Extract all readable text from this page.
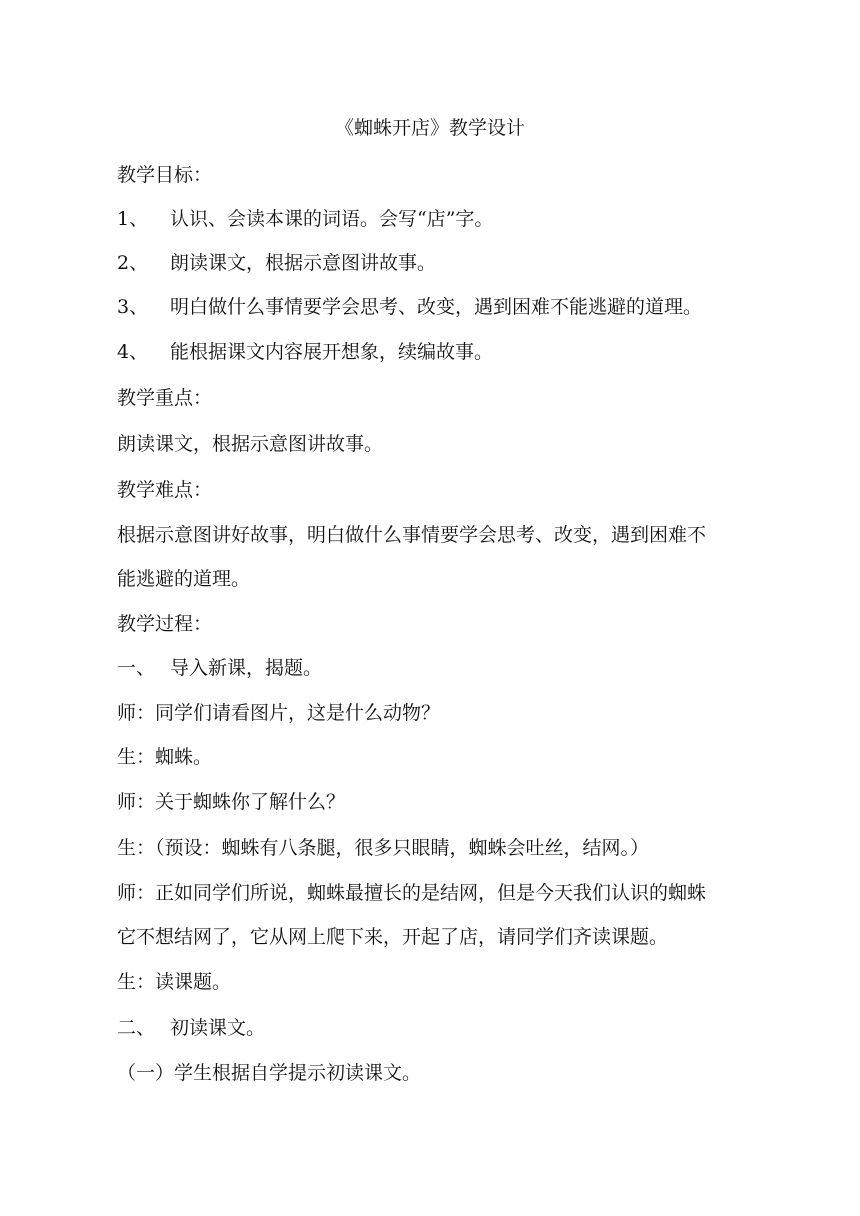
《蜘蛛开店》教学设计
教学目标：
1、 认识、会读本课的词语。会写“店”字。
2、 朗读课文，根据示意图讲故事。
3、 明白做什么事情要学会思考、改变，遇到困难不能逃避的道理。
4、 能根据课文内容展开想象，续编故事。
教学重点：
朗读课文，根据示意图讲故事。
教学难点：
根据示意图讲好故事，明白做什么事情要学会思考、改变，遇到困难不
能逃避的道理。
教学过程：
一、 导入新课，揭题。
师：同学们请看图片，这是什么动物？
生：蜘蛛。
师：关于蜘蛛你了解什么？
生：（预设：蜘蛛有八条腿，很多只眼睛，蜘蛛会吐丝，结网。）
师：正如同学们所说，蜘蛛最擅长的是结网，但是今天我们认识的蜘蛛
它不想结网了，它从网上爬下来，开起了店，请同学们齐读课题。
生：读课题。
二、 初读课文。
（一）学生根据自学提示初读课文。
